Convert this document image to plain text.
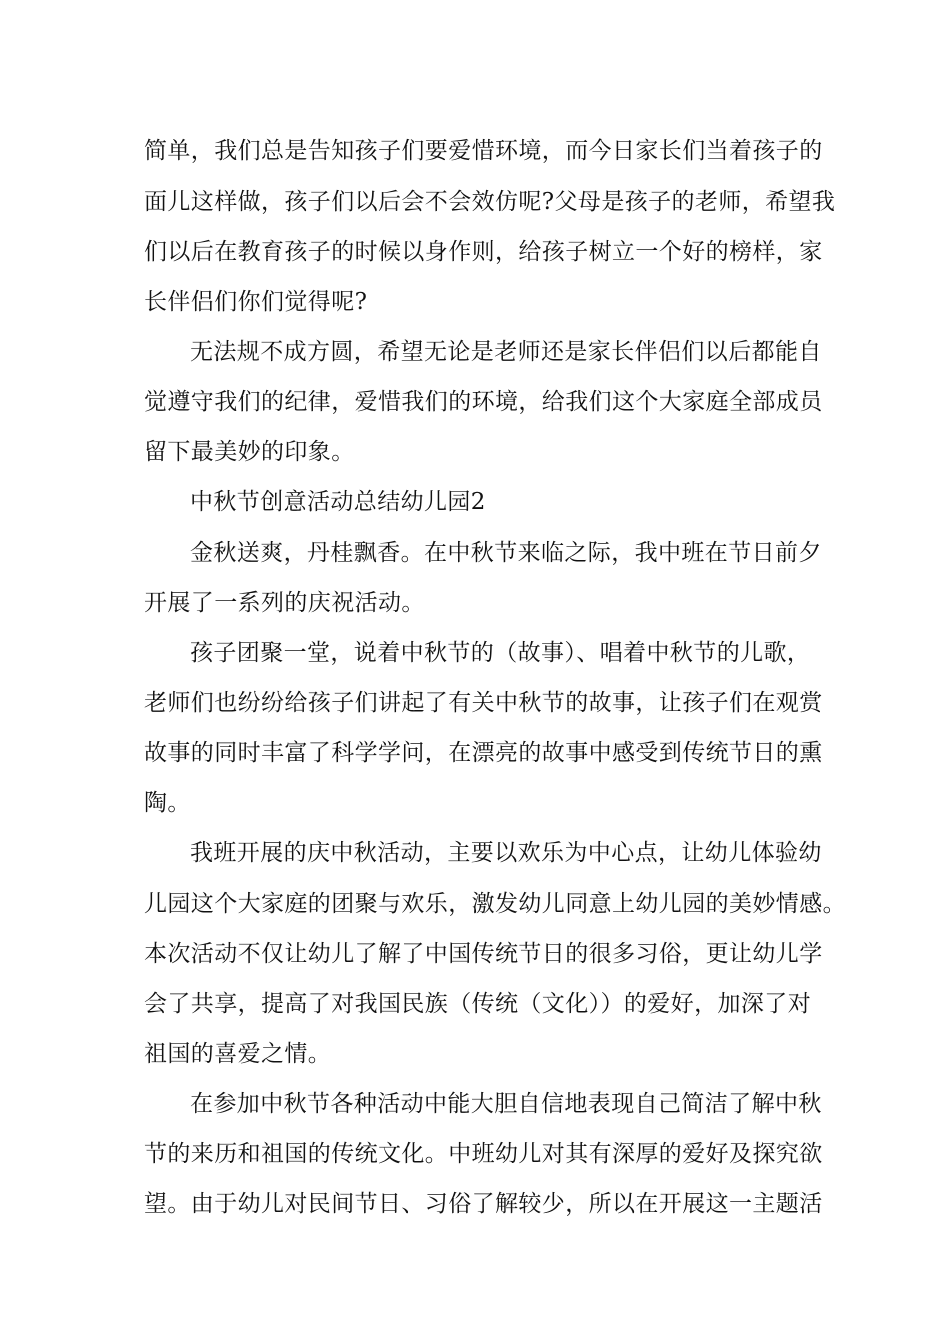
简单，我们总是告知孩子们要爱惜环境，而今日家长们当着孩子的
面儿这样做，孩子们以后会不会效仿呢?父母是孩子的老师，希望我
们以后在教育孩子的时候以身作则，给孩子树立一个好的榜样，家
长伴侣们你们觉得呢?
无法规不成方圆，希望无论是老师还是家长伴侣们以后都能自
觉遵守我们的纪律，爱惜我们的环境，给我们这个大家庭全部成员
留下最美妙的印象。
中秋节创意活动总结幼儿园2
金秋送爽，丹桂飘香。在中秋节来临之际，我中班在节日前夕
开展了一系列的庆祝活动。
孩子团聚一堂，说着中秋节的（故事）、唱着中秋节的儿歌，
老师们也纷纷给孩子们讲起了有关中秋节的故事，让孩子们在观赏
故事的同时丰富了科学学问，在漂亮的故事中感受到传统节日的熏
陶。
我班开展的庆中秋活动，主要以欢乐为中心点，让幼儿体验幼
儿园这个大家庭的团聚与欢乐，激发幼儿同意上幼儿园的美妙情感。
本次活动不仅让幼儿了解了中国传统节日的很多习俗，更让幼儿学
会了共享，提高了对我国民族（传统（文化））的爱好，加深了对
祖国的喜爱之情。
在参加中秋节各种活动中能大胆自信地表现自己简洁了解中秋
节的来历和祖国的传统文化。中班幼儿对其有深厚的爱好及探究欲
望。由于幼儿对民间节日、习俗了解较少，所以在开展这一主题活
